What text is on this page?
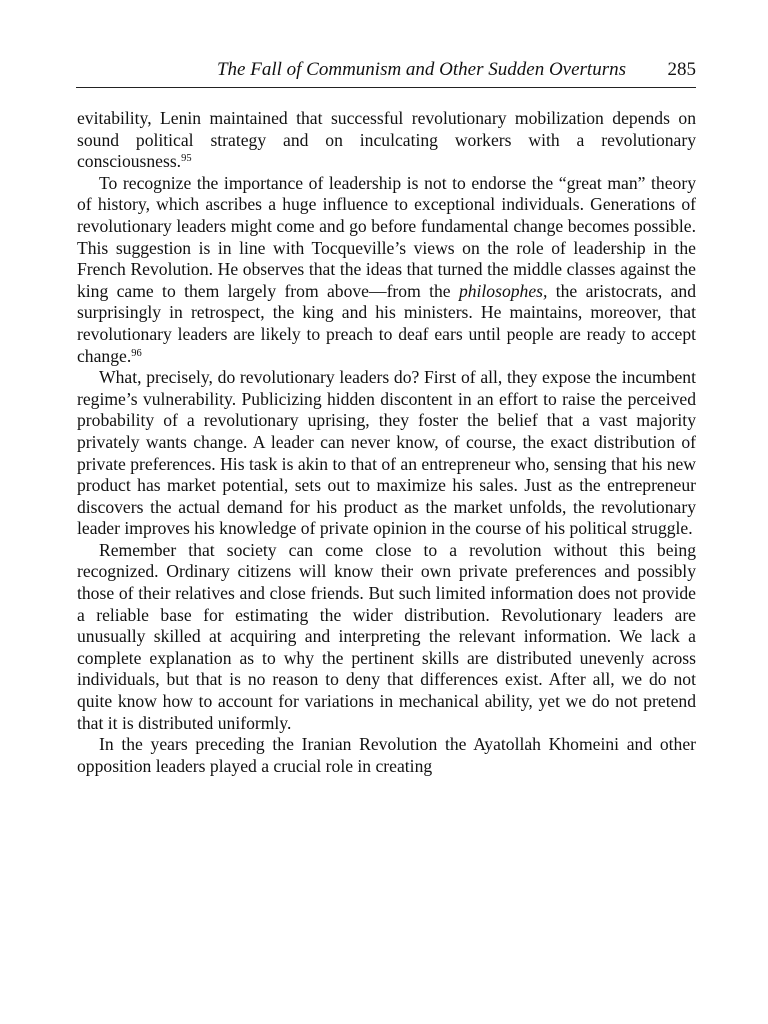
The Fall of Communism and Other Sudden Overturns 285

evitability, Lenin maintained that successful revolutionary mobilization depends on sound political strategy and on inculcating workers with a revolutionary consciousness.$^{95}$

To recognize the importance of leadership is not to endorse the “great man” theory of history, which ascribes a huge influence to exceptional individuals. Generations of revolutionary leaders might come and go before fundamental change becomes possible. This suggestion is in line with Tocqueville’s views on the role of leadership in the French Revolution. He observes that the ideas that turned the middle classes against the king came to them largely from above—from the philosophes, the aristocrats, and surprisingly in retrospect, the king and his ministers. He maintains, moreover, that revolutionary leaders are likely to preach to deaf ears until people are ready to accept change.$^{96}$

What, precisely, do revolutionary leaders do? First of all, they expose the incumbent regime’s vulnerability. Publicizing hidden discontent in an effort to raise the perceived probability of a revolutionary uprising, they foster the belief that a vast majority privately wants change. A leader can never know, of course, the exact distribution of private preferences. His task is akin to that of an entrepreneur who, sensing that his new product has market potential, sets out to maximize his sales. Just as the entrepreneur discovers the actual demand for his product as the market unfolds, the revolutionary leader improves his knowledge of private opinion in the course of his political struggle.

Remember that society can come close to a revolution without this being recognized. Ordinary citizens will know their own private preferences and possibly those of their relatives and close friends. But such limited information does not provide a reliable base for estimating the wider distribution. Revolutionary leaders are unusually skilled at acquiring and interpreting the relevant information. We lack a complete explanation as to why the pertinent skills are distributed unevenly across individuals, but that is no reason to deny that differences exist. After all, we do not quite know how to account for variations in mechanical ability, yet we do not pretend that it is distributed uniformly.

In the years preceding the Iranian Revolution the Ayatollah Khomeini and other opposition leaders played a crucial role in creating
